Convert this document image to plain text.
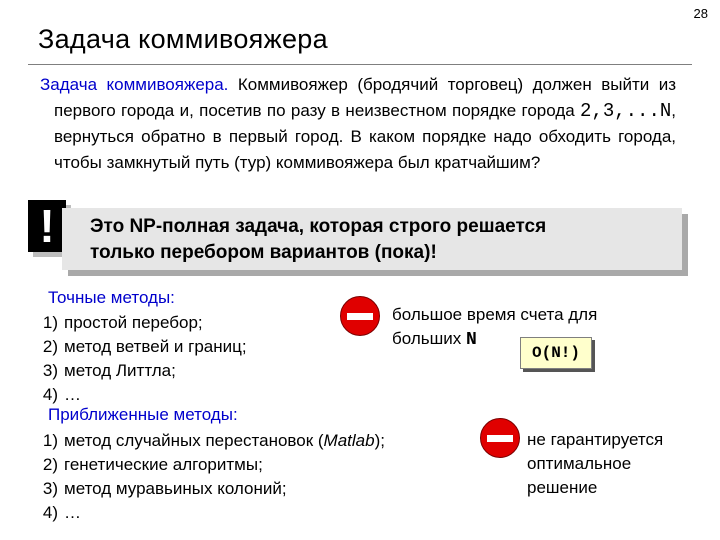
28
Задача коммивояжера

Задача коммивояжера. Коммивояжер (бродячий торговец) должен выйти из первого города и, посетив по разу в неизвестном порядке города 2,3,...N, вернуться обратно в первый город. В каком порядке надо обходить города, чтобы замкнутый путь (тур) коммивояжера был кратчайшим?

!	Это NP-полная задача, которая строго решается
только перебором вариантов (пока)!
Точные методы:
1) простой перебор;
2) метод ветвей и границ;
3) метод Литтла;
4) …
большое время счета для
больших N
O(N!)
Приближенные методы:
1) метод случайных перестановок (Matlab);
2) генетические алгоритмы;
3) метод муравьиных колоний;
4) …
не гарантируется
оптимальное
решение
